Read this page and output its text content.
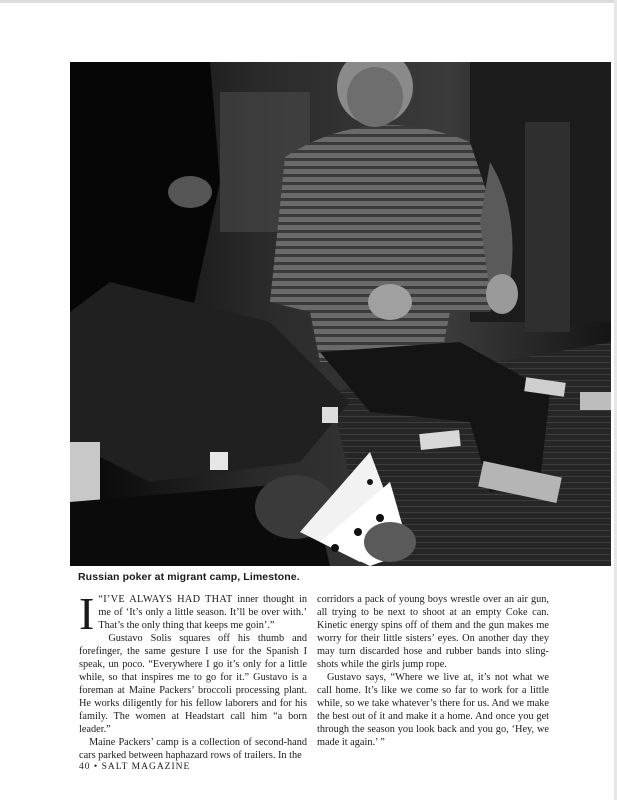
Russian poker at migrant camp, Limestone.

I “I’VE ALWAYS HAD THAT inner thought in me of ‘It’s only a little season. It’ll be over with.’ That’s the only thing that keeps me goin’.”

Gustavo Solis squares off his thumb and forefinger, the same gesture I use for the Spanish I speak, un poco. “Everywhere I go it’s only for a little while, so that inspires me to go for it.” Gustavo is a foreman at Maine Packers’ broccoli processing plant. He works diligently for his fellow laborers and for his family. The women at Headstart call him “a born leader.”

Maine Packers’ camp is a collection of second-hand cars parked between haphazard rows of trailers. In the

corridors a pack of young boys wrestle over an air gun, all trying to be next to shoot at an empty Coke can. Kinetic energy spins off of them and the gun makes me worry for their little sisters’ eyes. On another day they may turn discarded hose and rubber bands into sling-shots while the girls jump rope.

Gustavo says, “Where we live at, it’s not what we call home. It’s like we come so far to work for a little while, so we take whatever’s there for us. And we make the best out of it and make it a home. And once you get through the season you look back and you go, ‘Hey, we made it again.’ ”

40 • SALT MAGAZINE
